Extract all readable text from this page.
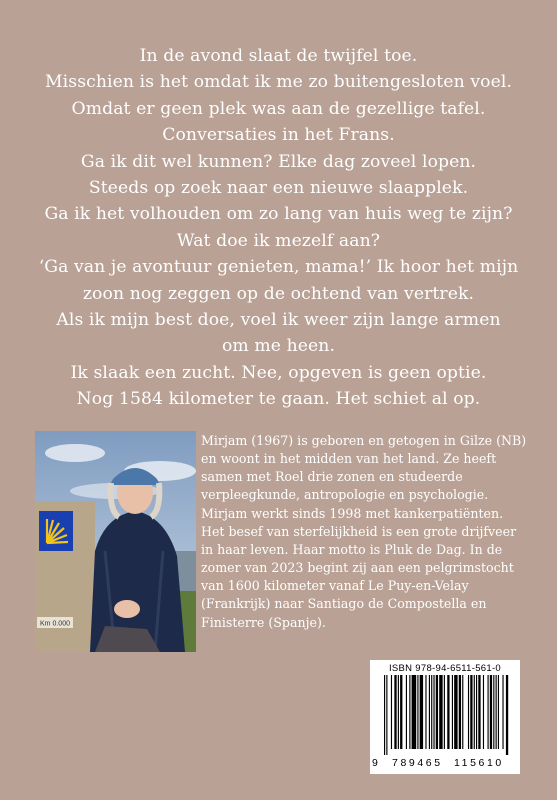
In de avond slaat de twijfel toe.
Misschien is het omdat ik me zo buitengesloten voel.
Omdat er geen plek was aan de gezellige tafel.
Conversaties in het Frans.
Ga ik dit wel kunnen? Elke dag zoveel lopen.
Steeds op zoek naar een nieuwe slaapplek.
Ga ik het volhouden om zo lang van huis weg te zijn?
Wat doe ik mezelf aan?
‘Ga van je avontuur genieten, mama!’ Ik hoor het mijn
zoon nog zeggen op de ochtend van vertrek.
Als ik mijn best doe, voel ik weer zijn lange armen
om me heen.
Ik slaak een zucht. Nee, opgeven is geen optie.
Nog 1584 kilometer te gaan. Het schiet al op.
Km 0.000
Mirjam (1967) is geboren en getogen in Gilze (NB)
en woont in het midden van het land. Ze heeft
samen met Roel drie zonen en studeerde
verpleegkunde, antropologie en psychologie.
Mirjam werkt sinds 1998 met kankerpatiënten.
Het besef van sterfelijkheid is een grote drijfveer
in haar leven. Haar motto is Pluk de Dag. In de
zomer van 2023 begint zij aan een pelgrimstocht
van 1600 kilometer vanaf Le Puy-en-Velay
(Frankrijk) naar Santiago de Compostella en
Finisterre (Spanje).
ISBN 978-94-6511-561-0
9 789465 115610
